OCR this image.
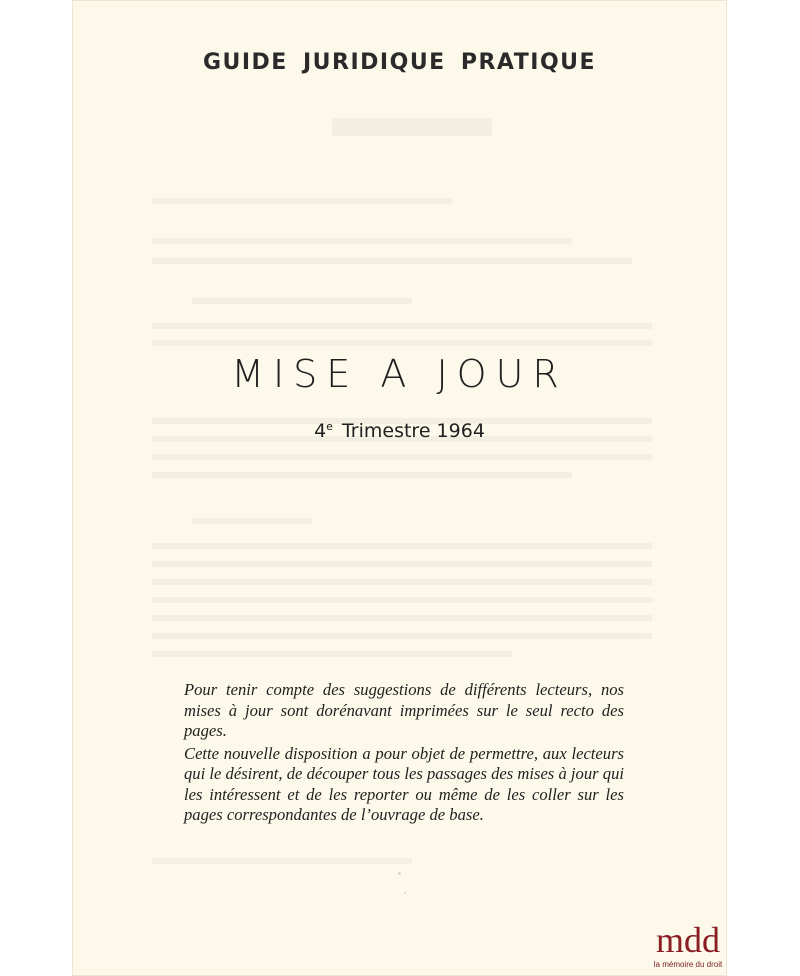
GUIDE JURIDIQUE PRATIQUE
MISE A JOUR
4e Trimestre 1964

Pour tenir compte des suggestions de différents lecteurs, nos mises à jour sont dorénavant imprimées sur le seul recto des pages.

Cette nouvelle disposition a pour objet de permettre, aux lecteurs qui le désirent, de découper tous les passages des mises à jour qui les intéressent et de les reporter ou même de les coller sur les pages correspondantes de l’ouvrage de base.

mdd
la mémoire du droit
